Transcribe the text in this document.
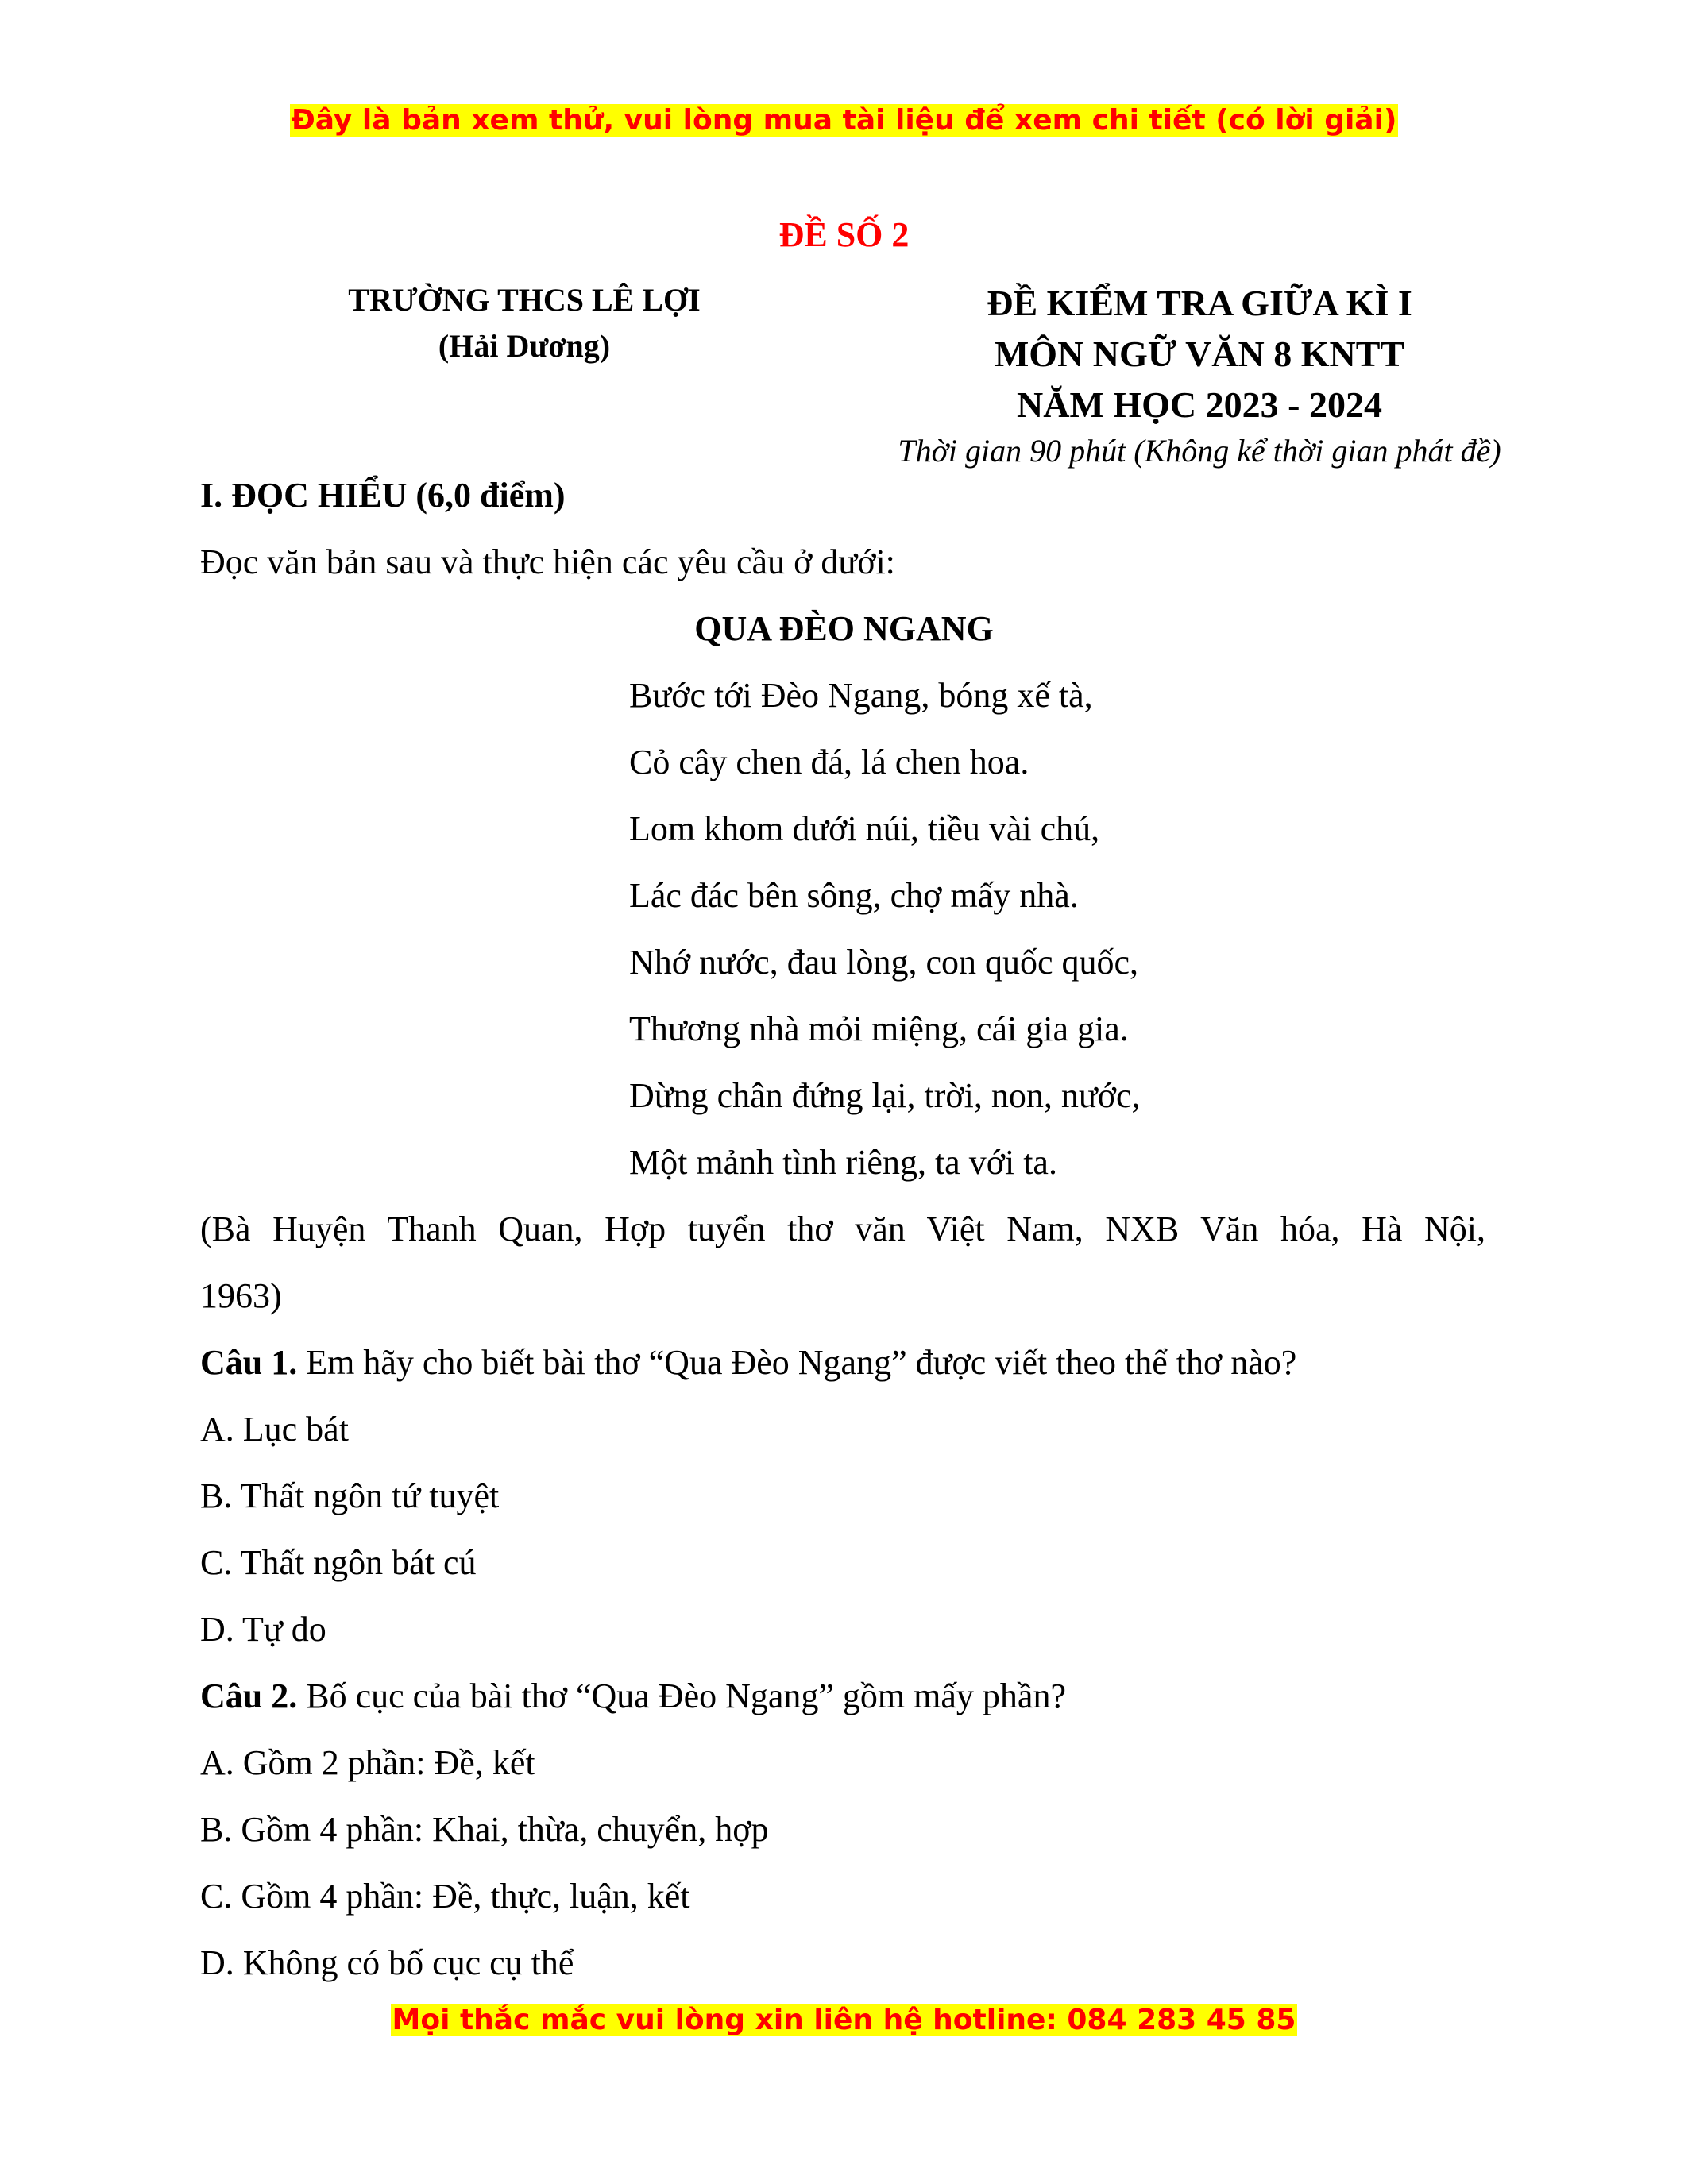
Đây là bản xem thử, vui lòng mua tài liệu để xem chi tiết (có lời giải)
ĐỀ SỐ 2
TRƯỜNG THCS LÊ LỢI
(Hải Dương)
ĐỀ KIỂM TRA GIỮA KÌ I
MÔN NGỮ VĂN 8 KNTT
NĂM HỌC 2023 - 2024
Thời gian 90 phút (Không kể thời gian phát đề)
I. ĐỌC HIỂU (6,0 điểm)
Đọc văn bản sau và thực hiện các yêu cầu ở dưới:
QUA ĐÈO NGANG
Bước tới Đèo Ngang, bóng xế tà,
Cỏ cây chen đá, lá chen hoa.
Lom khom dưới núi, tiều vài chú,
Lác đác bên sông, chợ mấy nhà.
Nhớ nước, đau lòng, con quốc quốc,
Thương nhà mỏi miệng, cái gia gia.
Dừng chân đứng lại, trời, non, nước,
Một mảnh tình riêng, ta với ta.
(Bà Huyện Thanh Quan, Hợp tuyển thơ văn Việt Nam, NXB Văn hóa, Hà Nội,
1963)
Câu 1. Em hãy cho biết bài thơ “Qua Đèo Ngang” được viết theo thể thơ nào?
A. Lục bát
B. Thất ngôn tứ tuyệt
C. Thất ngôn bát cú
D. Tự do
Câu 2. Bố cục của bài thơ “Qua Đèo Ngang” gồm mấy phần?
A. Gồm 2 phần: Đề, kết
B. Gồm 4 phần: Khai, thừa, chuyển, hợp
C. Gồm 4 phần: Đề, thực, luận, kết
D. Không có bố cục cụ thể
Mọi thắc mắc vui lòng xin liên hệ hotline: 084 283 45 85
